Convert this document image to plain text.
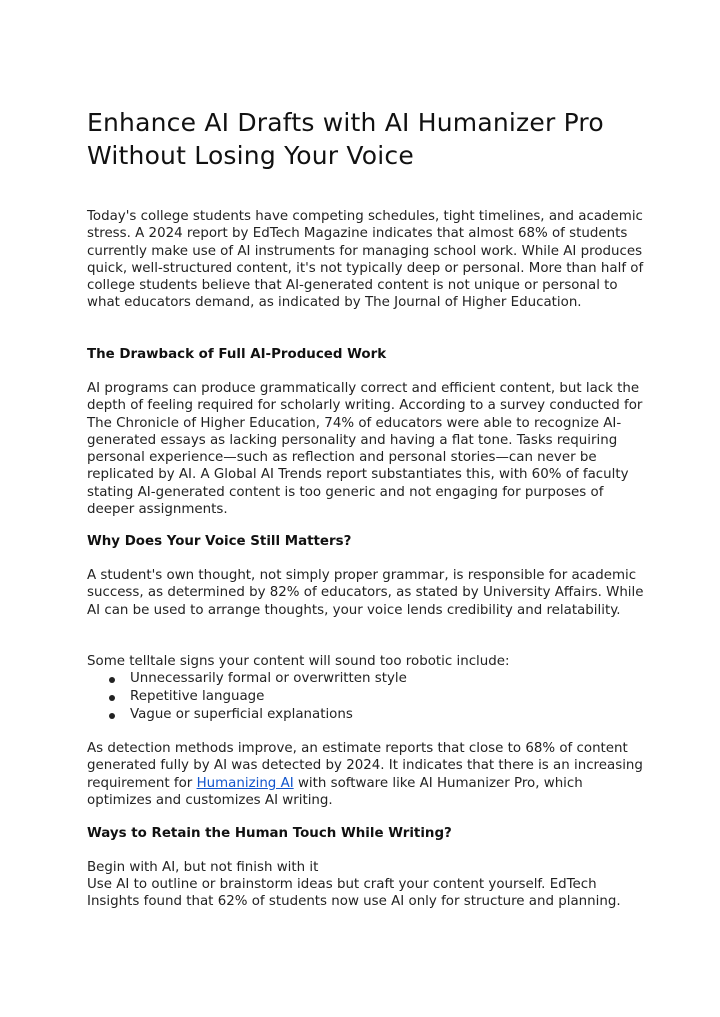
Enhance AI Drafts with AI Humanizer Pro Without Losing Your Voice

Today's college students have competing schedules, tight timelines, and academic stress. A 2024 report by EdTech Magazine indicates that almost 68% of students currently make use of AI instruments for managing school work. While AI produces quick, well-structured content, it's not typically deep or personal. More than half of college students believe that AI-generated content is not unique or personal to what educators demand, as indicated by The Journal of Higher Education.

The Drawback of Full AI-Produced Work

AI programs can produce grammatically correct and efficient content, but lack the depth of feeling required for scholarly writing. According to a survey conducted for The Chronicle of Higher Education, 74% of educators were able to recognize AI-generated essays as lacking personality and having a flat tone. Tasks requiring personal experience—such as reflection and personal stories—can never be replicated by AI. A Global AI Trends report substantiates this, with 60% of faculty stating AI-generated content is too generic and not engaging for purposes of deeper assignments.

Why Does Your Voice Still Matters?

A student's own thought, not simply proper grammar, is responsible for academic success, as determined by 82% of educators, as stated by University Affairs. While AI can be used to arrange thoughts, your voice lends credibility and relatability.

Some telltale signs your content will sound too robotic include:

Unnecessarily formal or overwritten style
Repetitive language
Vague or superficial explanations

As detection methods improve, an estimate reports that close to 68% of content generated fully by AI was detected by 2024. It indicates that there is an increasing requirement for Humanizing AI with software like AI Humanizer Pro, which optimizes and customizes AI writing.

Ways to Retain the Human Touch While Writing?

Begin with AI, but not finish with it

Use AI to outline or brainstorm ideas but craft your content yourself. EdTech Insights found that 62% of students now use AI only for structure and planning.
